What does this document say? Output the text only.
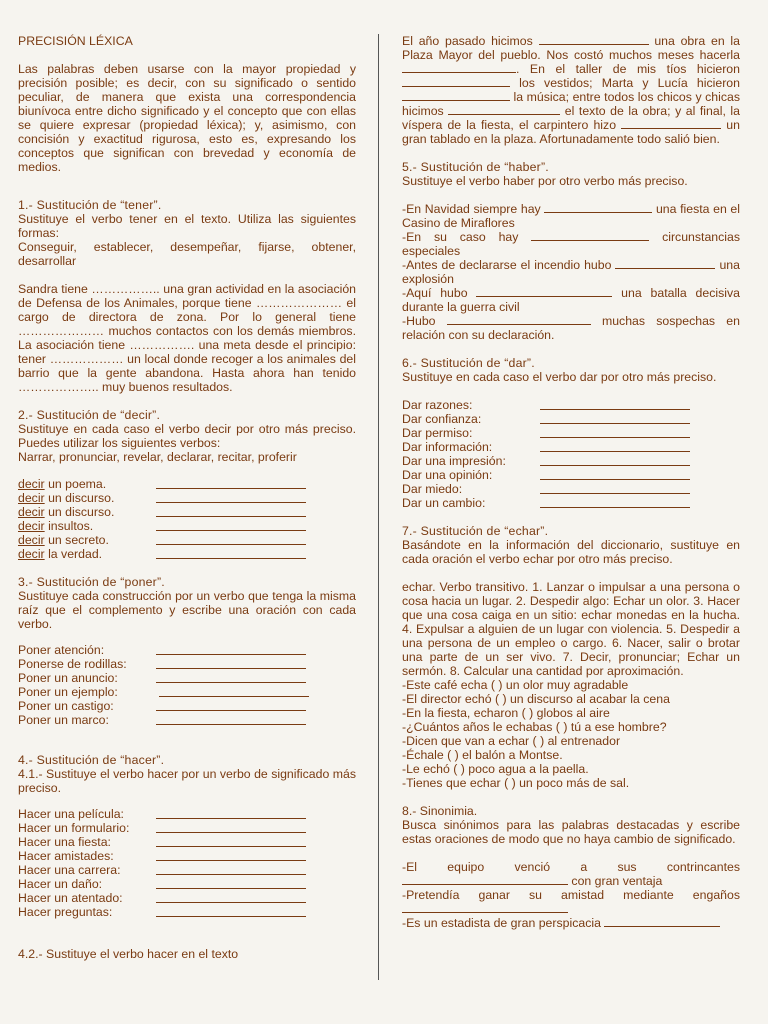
PRECISIÓN LÉXICA

Las palabras deben usarse con la mayor propiedad y precisión posible; es decir, con su significado o sentido peculiar, de manera que exista una correspondencia biunívoca entre dicho significado y el concepto que con ellas se quiere expresar (propiedad léxica); y, asimismo, con concisión y exactitud rigurosa, esto es, expresando los conceptos que significan con brevedad y economía de medios.

1.- Sustitución de “tener”.

Sustituye el verbo tener en el texto. Utiliza las siguientes formas:

Conseguir, establecer, desempeñar, fijarse, obtener, desarrollar

Sandra tiene …………….. una gran actividad en la asociación de Defensa de los Animales, porque tiene ………………… el cargo de directora de zona. Por lo general tiene ………………… muchos contactos con los demás miembros. La asociación tiene ……………. una meta desde el principio: tener ……………… un local donde recoger a los animales del barrio que la gente abandona. Hasta ahora han tenido ……………….. muy buenos resultados.

2.- Sustitución de “decir”.

Sustituye en cada caso el verbo decir por otro más preciso. Puedes utilizar los siguientes verbos:

Narrar, pronunciar, revelar, declarar, recitar, proferir

decir un poema.
decir un discurso.
decir un discurso.
decir insultos.
decir un secreto.
decir la verdad.

3.- Sustitución de “poner”.

Sustituye cada construcción por un verbo que tenga la misma raíz que el complemento y escribe una oración con cada verbo.

Poner atención:
Ponerse de rodillas:
Poner un anuncio:
Poner un ejemplo:
Poner un castigo:
Poner un marco:

4.- Sustitución de “hacer”.

4.1.- Sustituye el verbo hacer por un verbo de significado más preciso.

Hacer una película:
Hacer un formulario:
Hacer una fiesta:
Hacer amistades:
Hacer una carrera:
Hacer un daño:
Hacer un atentado:
Hacer preguntas:

4.2.- Sustituye el verbo hacer en el texto

El año pasado hicimos	una obra en la Plaza Mayor del pueblo. Nos costó muchos meses hacerla . En el taller de mis tíos hicieron  los vestidos; Marta y Lucía hicieron  la música; entre todos los chicos y chicas hicimos	el texto de la obra; y al final, la víspera de la fiesta, el carpintero hizo	un gran tablado en la plaza. Afortunadamente todo salió bien.

5.- Sustitución de “haber”.

Sustituye el verbo haber por otro verbo más preciso.

-En Navidad siempre hay	una fiesta en el Casino de Miraflores

-En su caso hay	circunstancias especiales

-Antes de declararse el incendio hubo	una explosión

-Aquí hubo	una batalla decisiva durante la guerra civil

-Hubo	muchas sospechas en relación con su declaración.

6.- Sustitución de “dar”.

Sustituye en cada caso el verbo dar por otro más preciso.

Dar razones:
Dar confianza:
Dar permiso:
Dar información:
Dar una impresión:
Dar una opinión:
Dar miedo:
Dar un cambio:

7.- Sustitución de “echar”.

Basándote en la información del diccionario, sustituye en cada oración el verbo echar por otro más preciso.

echar. Verbo transitivo. 1. Lanzar o impulsar a una persona o cosa hacia un lugar. 2. Despedir algo: Echar un olor. 3. Hacer que una cosa caiga en un sitio: echar monedas en la hucha. 4. Expulsar a alguien de un lugar con violencia. 5. Despedir a una persona de un empleo o cargo. 6. Nacer, salir o brotar una parte de un ser vivo. 7. Decir, pronunciar; Echar un sermón. 8. Calcular una cantidad por aproximación.

-Este café echa ( ) un olor muy agradable

-El director echó ( ) un discurso al acabar la cena

-En la fiesta, echaron ( ) globos al aire

-¿Cuántos años le echabas ( ) tú a ese hombre?

-Dicen que van a echar ( ) al entrenador

-Échale ( ) el balón a Montse.

-Le echó ( ) poco agua a la paella.

-Tienes que echar ( ) un poco más de sal.

8.- Sinonimia.

Busca sinónimos para las palabras destacadas y escribe estas oraciones de modo que no haya cambio de significado.

-El equipo venció a sus contrincantes

con gran ventaja

-Pretendía ganar su amistad mediante engaños

-Es un estadista de gran perspicacia
